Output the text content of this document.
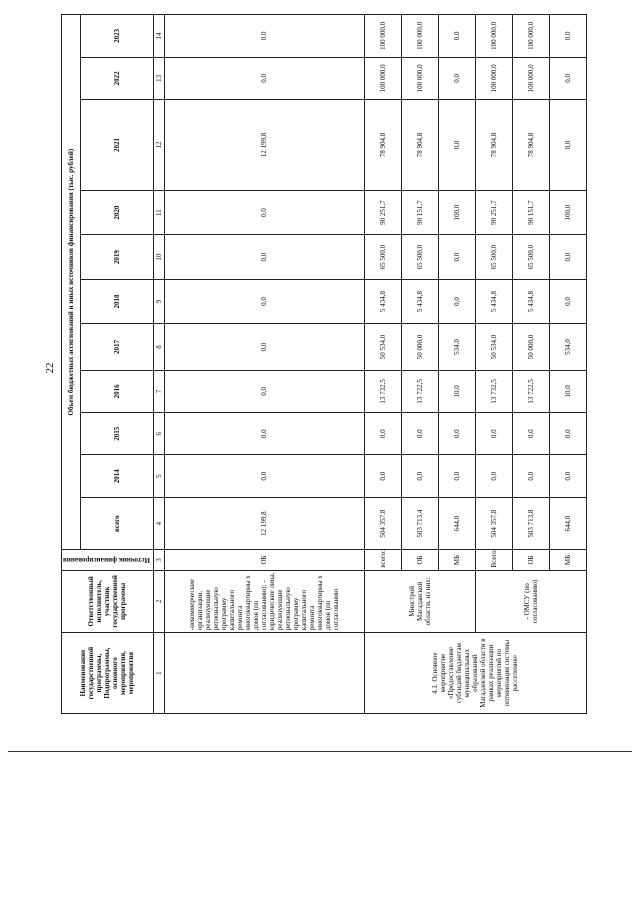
22
Наименование государственной программы, Подпрограммы, основного мероприятия, мероприятия	Ответственный исполнитель, участник государственной программы	Источник финансирования	Объем бюджетных ассигнований и иных источников финансирования (тыс. рублей)										
			всего	2014	2015	2016	2017	2018	2019	2020	2021	2022	2023
1	2	3	4	5	6	7	8	9	10	11	12	13	14
	-некоммерческие организации, реализующие региональную программу капитального ремонта многоквартирны х домов (по согласованию); - юридические лица, реализующие региональную программу капитального ремонта многоквартирны х домов (по согласованию	ОБ	12 199,8	0,0	0,0	0,0	0,0	0,0	0,0	0,0	12 199,8	0,0	0,0
4.1. Основное мероприятие «Предоставление субсидий бюджетам муниципальных образований Магаданской области в рамках реализации мероприятий по оптимизации системы расселения»	Минстрой Магаданской области, из них:	всего:	504 357,8	0,0	0,0	13 732,5	50 534,0	5 434,8	65 500,0	90 251,7	78 904,8	100 000,0	100 000,0
		ОБ	503 713,4	0,0	0,0	13 722,5	50 000,0	5 434,8	65 500,0	90 151,7	78 904,8	100 000,0	100 000,0
		МБ	644,0	0,0	0,0	10,0	534,0	0,0	0,0	100,0	0,0	0,0	0,0
	- ОМСУ (по согласованию)	Всего:	504 357,8	0,0	0,0	13 732,5	50 534,0	5 434,8	65 500,0	90 251,7	78 904,8	100 000,0	100 000,0
		ОБ	503 713,8	0,0	0,0	13 722,5	50 000,0	5 434,8	65 500,0	90 151,7	78 904,8	100 000,0	100 000,0
		МБ	644,0	0,0	0,0	10,0	534,0	0,0	0,0	100,0	0,0	0,0	0,0
